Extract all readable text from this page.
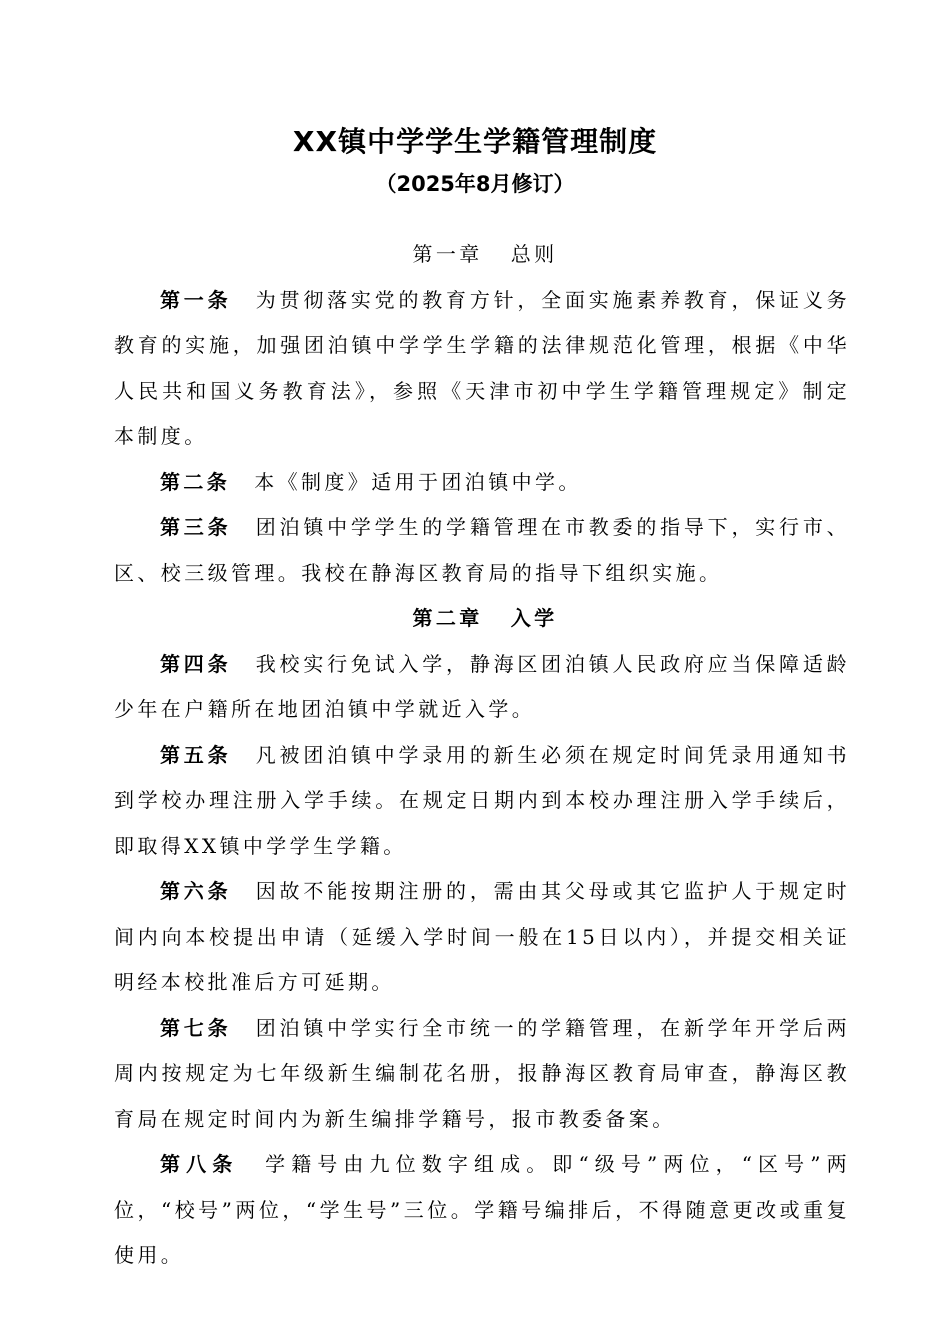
XX镇中学学生学籍管理制度
（2025年8月修订）

第一章 总则

第一条 为贯彻落实党的教育方针，全面实施素养教育，保证义务教育的实施，加强团泊镇中学学生学籍的法律规范化管理，根据《中华人民共和国义务教育法》，参照《天津市初中学生学籍管理规定》制定本制度。

第二条 本《制度》适用于团泊镇中学。

第三条 团泊镇中学学生的学籍管理在市教委的指导下，实行市、区、校三级管理。我校在静海区教育局的指导下组织实施。

第二章 入学

第四条 我校实行免试入学，静海区团泊镇人民政府应当保障适龄少年在户籍所在地团泊镇中学就近入学。

第五条 凡被团泊镇中学录用的新生必须在规定时间凭录用通知书到学校办理注册入学手续。在规定日期内到本校办理注册入学手续后，即取得XX镇中学学生学籍。

第六条 因故不能按期注册的，需由其父母或其它监护人于规定时间内向本校提出申请（延缓入学时间一般在15日以内），并提交相关证明经本校批准后方可延期。

第七条 团泊镇中学实行全市统一的学籍管理，在新学年开学后两周内按规定为七年级新生编制花名册，报静海区教育局审查，静海区教育局在规定时间内为新生编排学籍号，报市教委备案。

第八条 学籍号由九位数字组成。即“级号”两位，“区号”两位，“校号”两位，“学生号”三位。学籍号编排后，不得随意更改或重复使用。
